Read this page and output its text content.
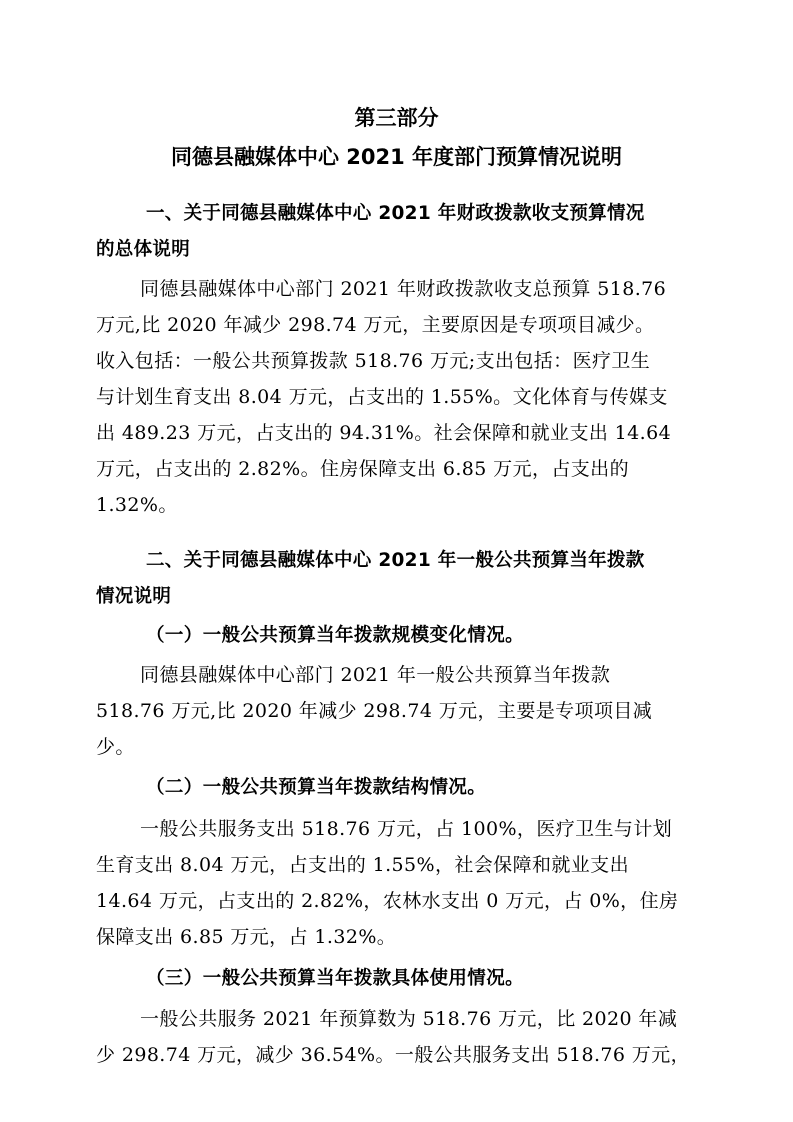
第三部分
同德县融媒体中心 2021 年度部门预算情况说明
一、关于同德县融媒体中心 2021 年财政拨款收支预算情况
的总体说明
同德县融媒体中心部门 2021 年财政拨款收支总预算 518.76
万元,比 2020 年减少 298.74 万元，主要原因是专项项目减少。
收入包括：一般公共预算拨款 518.76 万元;支出包括：医疗卫生
与计划生育支出 8.04 万元，占支出的 1.55%。文化体育与传媒支
出 489.23 万元，占支出的 94.31%。社会保障和就业支出 14.64
万元，占支出的 2.82%。住房保障支出 6.85 万元，占支出的
1.32%。
二、关于同德县融媒体中心 2021 年一般公共预算当年拨款
情况说明
（一）一般公共预算当年拨款规模变化情况。
同德县融媒体中心部门 2021 年一般公共预算当年拨款
518.76 万元,比 2020 年减少 298.74 万元，主要是专项项目减
少。
（二）一般公共预算当年拨款结构情况。
一般公共服务支出 518.76 万元，占 100%，医疗卫生与计划
生育支出 8.04 万元，占支出的 1.55%，社会保障和就业支出
14.64 万元，占支出的 2.82%，农林水支出 0 万元，占 0%，住房
保障支出 6.85 万元，占 1.32%。
（三）一般公共预算当年拨款具体使用情况。
一般公共服务 2021 年预算数为 518.76 万元，比 2020 年减
少 298.74 万元，减少 36.54%。一般公共服务支出 518.76 万元，
